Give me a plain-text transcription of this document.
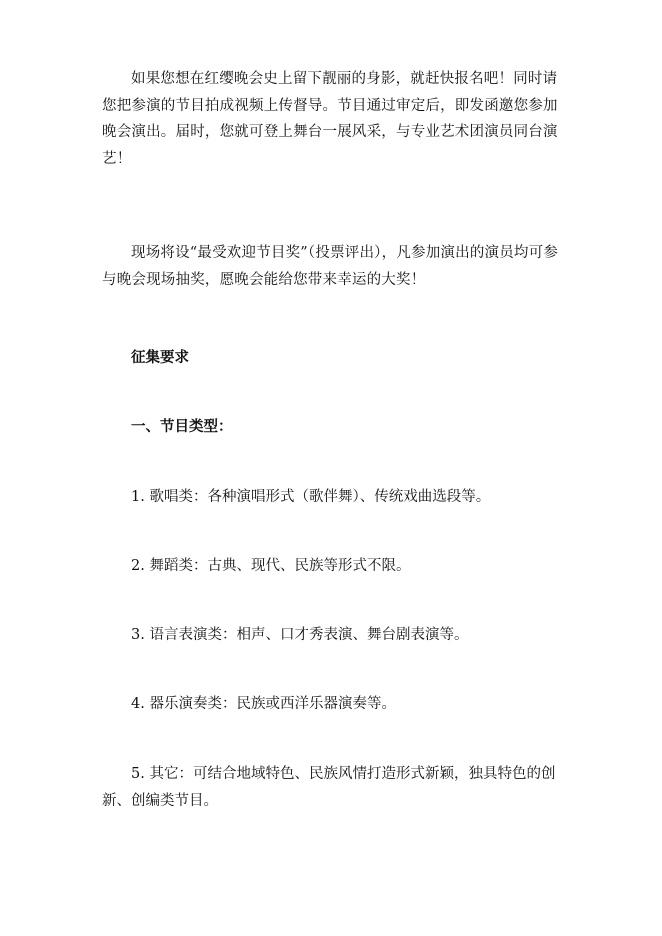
如果您想在红缨晚会史上留下靓丽的身影，就赶快报名吧！同时请您把参演的节目拍成视频上传督导。节目通过审定后，即发函邀您参加晚会演出。届时，您就可登上舞台一展风采，与专业艺术团演员同台演艺！

现场将设“最受欢迎节目奖”（投票评出），凡参加演出的演员均可参与晚会现场抽奖，愿晚会能给您带来幸运的大奖！

征集要求

一、节目类型：

1. 歌唱类：各种演唱形式（歌伴舞）、传统戏曲选段等。

2. 舞蹈类：古典、现代、民族等形式不限。

3. 语言表演类：相声、口才秀表演、舞台剧表演等。

4. 器乐演奏类：民族或西洋乐器演奏等。

5. 其它：可结合地域特色、民族风情打造形式新颖，独具特色的创新、创编类节目。
